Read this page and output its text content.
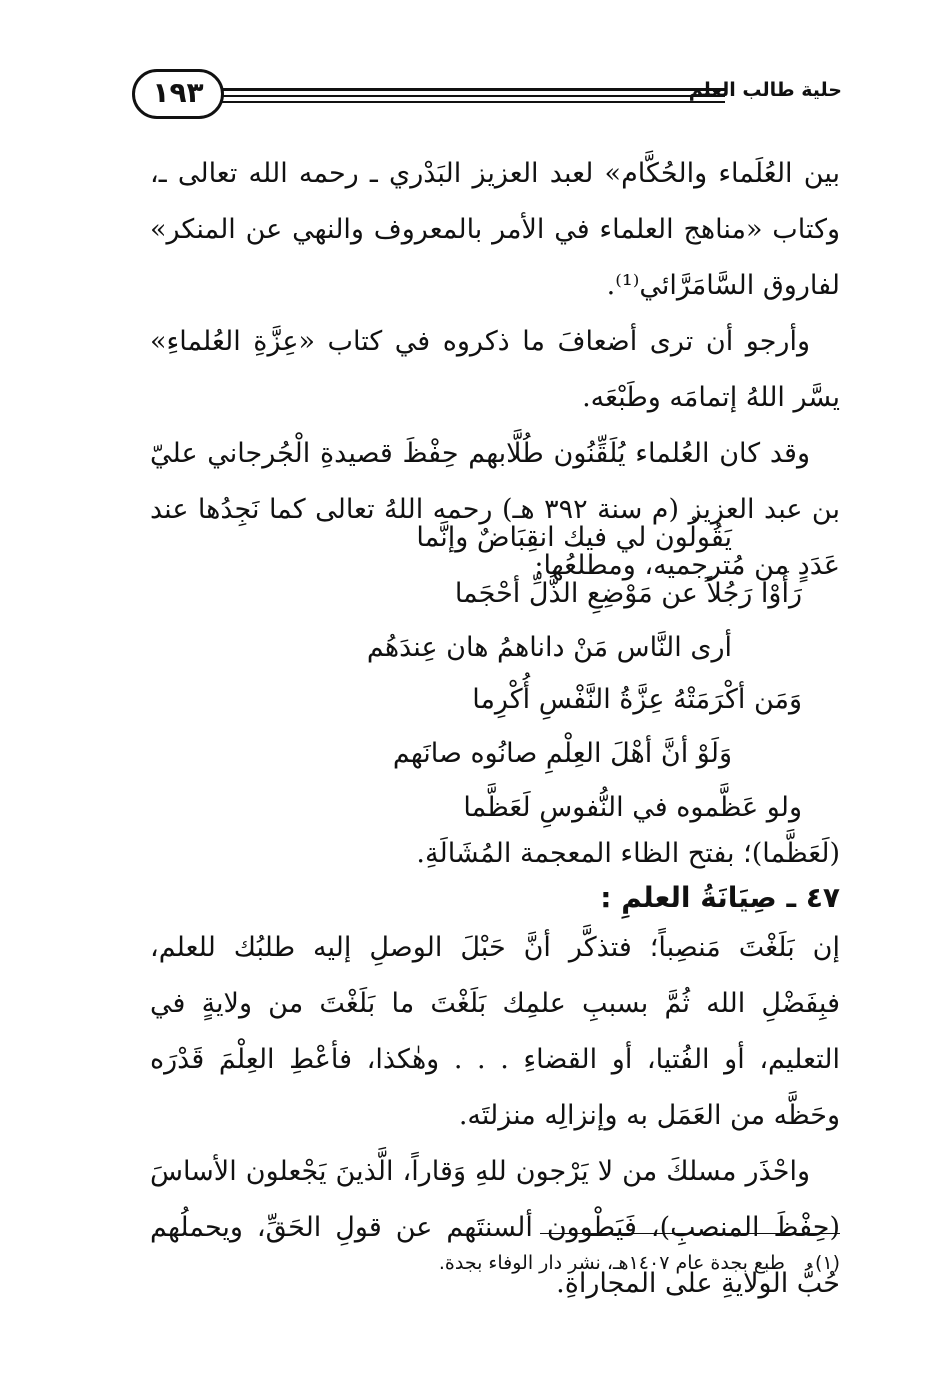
١٩٣	حلية طالب العلم

بين العُلَماء والحُكَّام» لعبد العزيز البَدْري ـ رحمه الله تعالى ـ، وكتاب «مناهج العلماء في الأمر بالمعروف والنهي عن المنكر» لفاروق السَّامَرَّائي⁽¹⁾.

وأرجو أن ترى أضعافَ ما ذكروه في كتاب «عِزَّةِ العُلماءِ» يسَّر اللهُ إتمامَه وطَبْعَه.

وقد كان العُلماء يُلَقِّنُون طُلَّابهم حِفْظَ قصيدةِ الْجُرجاني عليّ بن عبد العزيز (م سنة ٣٩٢ هـ) رحمه اللهُ تعالى كما نَجِدُها عند عَدَدٍ من مُترجميه، ومطلعُها:

يَقُولُون لي فيك انقِبَاضٌ وإنَّما
رَأَوْا رَجُلاً عن مَوْضِعِ الذُّلِّ أحْجَما
أرى النَّاس مَنْ داناهمُ هان عِندَهُم
وَمَن أكْرَمَتْهُ عِزَّةُ النَّفْسِ أُكْرِما
وَلَوْ أنَّ أهْلَ العِلْمِ صانُوه صانَهم
ولو عَظَّموه في النُّفوسِ لَعَظَّما
(لَعَظَّما)؛ بفتح الظاء المعجمة المُشَالَةِ.
٤٧ ـ صِيَانَةُ العلمِ :

إن بَلَغْتَ مَنصِباً؛ فتذكَّر أنَّ حَبْلَ الوصلِ إليه طلبُك للعلم، فبِفَضْلِ الله ثُمَّ بسببِ علمِك بَلَغْتَ ما بَلَغْتَ من ولايةٍ في التعليم، أو الفُتيا، أو القضاءِ . . . وهٰكذا، فأعْطِ العِلْمَ قَدْرَه وحَظَّه من العَمَل به وإنزالِه منزلتَه.

واحْذَر مسلكَ من لا يَرْجون للهِ وَقاراً، الَّذينَ يَجْعلون الأساسَ (حِفْظَ المنصبِ)، فَيَطْوون ألسنتَهم عن قولِ الحَقِّ، ويحملُهم حُبُّ الولايةِ على المجاراةِ.

(١) طبع بجدة عام ١٤٠٧هـ، نشر دار الوفاء بجدة.
